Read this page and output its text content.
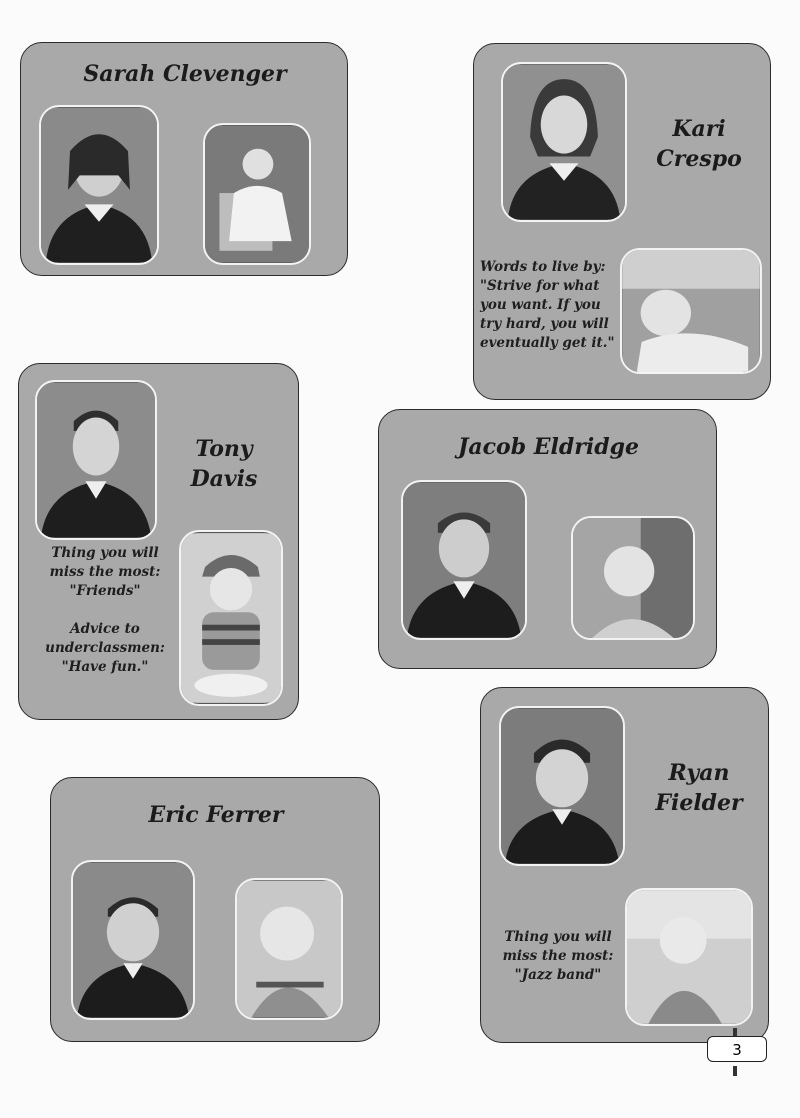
Sarah Clevenger
Kari
Crespo
Words to live by:
"Strive for what
you want. If you
try hard, you will
eventually get it."
Tony
Davis
Thing you will
miss the most:
"Friends"

Advice to
underclassmen:
"Have fun."
Jacob Eldridge
Eric Ferrer
Ryan
Fielder
Thing you will
miss the most:
"Jazz band"
3
